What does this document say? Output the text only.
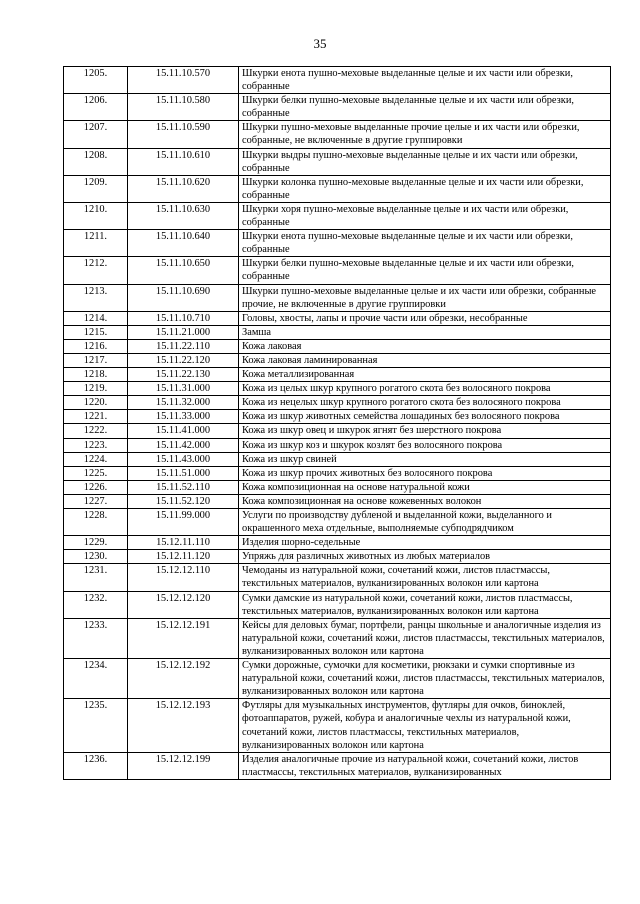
35
1205.	15.11.10.570	Шкурки енота пушно-меховые выделанные целые и их части или обрезки, собранные
1206.	15.11.10.580	Шкурки белки пушно-меховые выделанные целые и их части или обрезки, собранные
1207.	15.11.10.590	Шкурки пушно-меховые выделанные прочие целые и их части или обрезки, собранные, не включенные в другие группировки
1208.	15.11.10.610	Шкурки выдры пушно-меховые выделанные целые и их части или обрезки, собранные
1209.	15.11.10.620	Шкурки колонка пушно-меховые выделанные целые и их части или обрезки, собранные
1210.	15.11.10.630	Шкурки хоря пушно-меховые выделанные целые и их части или обрезки, собранные
1211.	15.11.10.640	Шкурки енота пушно-меховые выделанные целые и их части или обрезки, собранные
1212.	15.11.10.650	Шкурки белки пушно-меховые выделанные целые и их части или обрезки, собранные
1213.	15.11.10.690	Шкурки пушно-меховые выделанные целые и их части или обрезки, собранные прочие, не включенные в другие группировки
1214.	15.11.10.710	Головы, хвосты, лапы и прочие части или обрезки, несобранные
1215.	15.11.21.000	Замша
1216.	15.11.22.110	Кожа лаковая
1217.	15.11.22.120	Кожа лаковая ламинированная
1218.	15.11.22.130	Кожа металлизированная
1219.	15.11.31.000	Кожа из целых шкур крупного рогатого скота без волосяного покрова
1220.	15.11.32.000	Кожа из нецелых шкур крупного рогатого скота без волосяного покрова
1221.	15.11.33.000	Кожа из шкур животных семейства лошадиных без волосяного покрова
1222.	15.11.41.000	Кожа из шкур овец и шкурок ягнят без шерстного покрова
1223.	15.11.42.000	Кожа из шкур коз и шкурок козлят без волосяного покрова
1224.	15.11.43.000	Кожа из шкур свиней
1225.	15.11.51.000	Кожа из шкур прочих животных без волосяного покрова
1226.	15.11.52.110	Кожа композиционная на основе натуральной кожи
1227.	15.11.52.120	Кожа композиционная на основе кожевенных волокон
1228.	15.11.99.000	Услуги по производству дубленой и выделанной кожи, выделанного и окрашенного меха отдельные, выполняемые субподрядчиком
1229.	15.12.11.110	Изделия шорно-седельные
1230.	15.12.11.120	Упряжь для различных животных из любых материалов
1231.	15.12.12.110	Чемоданы из натуральной кожи, сочетаний кожи, листов пластмассы, текстильных материалов, вулканизированных волокон или картона
1232.	15.12.12.120	Сумки дамские из натуральной кожи, сочетаний кожи, листов пластмассы, текстильных материалов, вулканизированных волокон или картона
1233.	15.12.12.191	Кейсы для деловых бумаг, портфели, ранцы школьные и аналогичные изделия из натуральной кожи, сочетаний кожи, листов пластмассы, текстильных материалов, вулканизированных волокон или картона
1234.	15.12.12.192	Сумки дорожные, сумочки для косметики, рюкзаки и сумки спортивные из натуральной кожи, сочетаний кожи, листов пластмассы, текстильных материалов, вулканизированных волокон или картона
1235.	15.12.12.193	Футляры для музыкальных инструментов, футляры для очков, биноклей, фотоаппаратов, ружей, кобура и аналогичные чехлы из натуральной кожи, сочетаний кожи, листов пластмассы, текстильных материалов, вулканизированных волокон или картона
1236.	15.12.12.199	Изделия аналогичные прочие из натуральной кожи, сочетаний кожи, листов пластмассы, текстильных материалов, вулканизированных
